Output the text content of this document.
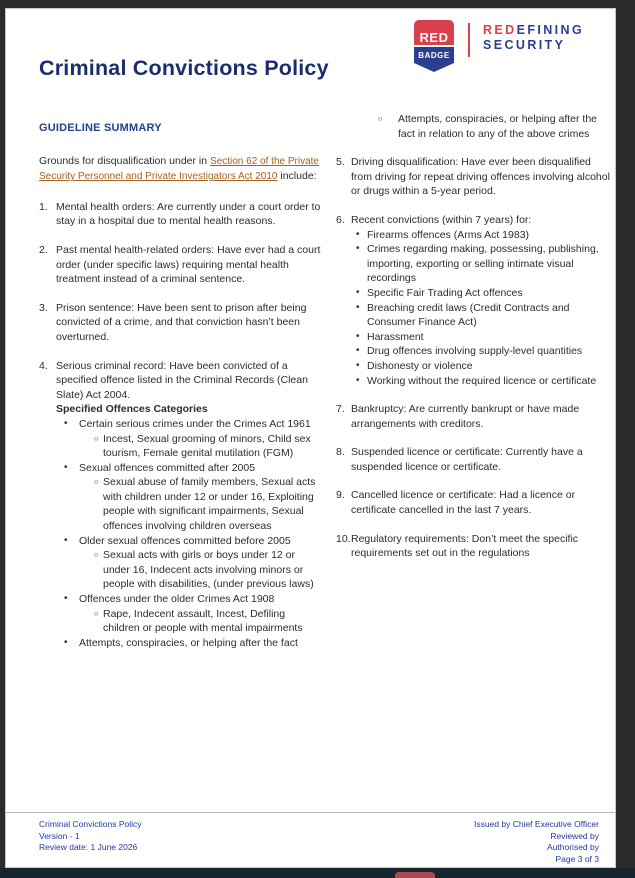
Criminal Convictions Policy
RED
BADGE
REDEFINING
SECURITY
GUIDELINE SUMMARY

Grounds for disqualification under in Section 62 of the Private Security Personnel and Private Investigators Act 2010 include:

1. Mental health orders: Are currently under a court order to stay in a hospital due to mental health reasons.
2. Past mental health-related orders: Have ever had a court order (under specific laws) requiring mental health treatment instead of a criminal sentence.
3. Prison sentence: Have been sent to prison after being convicted of a crime, and that conviction hasn’t been overturned.
4. Serious criminal record: Have been convicted of a specified offence listed in the Criminal Records (Clean Slate) Act 2004.
Specified Offences Categories
•	Certain serious crimes under the Crimes Act 1961
○ Incest, Sexual grooming of minors, Child sex tourism, Female genital mutilation (FGM)
•	Sexual offences committed after 2005
○ Sexual abuse of family members, Sexual acts with children under 12 or under 16, Exploiting people with significant impairments, Sexual offences involving children overseas
•	Older sexual offences committed before 2005
○ Sexual acts with girls or boys under 12 or under 16, Indecent acts involving minors or people with disabilities, (under previous laws)
•	Offences under the older Crimes Act 1908
○ Rape, Indecent assault, Incest, Defiling children or people with mental impairments
•	Attempts, conspiracies, or helping after the fact
○	Attempts, conspiracies, or helping after the fact in relation to any of the above crimes
5. Driving disqualification: Have ever been disqualified from driving for repeat driving offences involving alcohol or drugs within a 5-year period.
6. Recent convictions (within 7 years) for:
• Firearms offences (Arms Act 1983)
• Crimes regarding making, possessing, publishing, importing, exporting or selling intimate visual recordings
• Specific Fair Trading Act offences
• Breaching credit laws (Credit Contracts and Consumer Finance Act)
• Harassment
• Drug offences involving supply-level quantities
• Dishonesty or violence
• Working without the required licence or certificate
7. Bankruptcy: Are currently bankrupt or have made arrangements with creditors.
8. Suspended licence or certificate: Currently have a suspended licence or certificate.
9. Cancelled licence or certificate: Had a licence or certificate cancelled in the last 7 years.
10. Regulatory requirements: Don’t meet the specific requirements set out in the regulations
Criminal Convictions Policy
Version - 1
Review date: 1 June 2026
Issued by Chief Executive Officer
Reviewed by
Authorised by
Page 3 of 3
